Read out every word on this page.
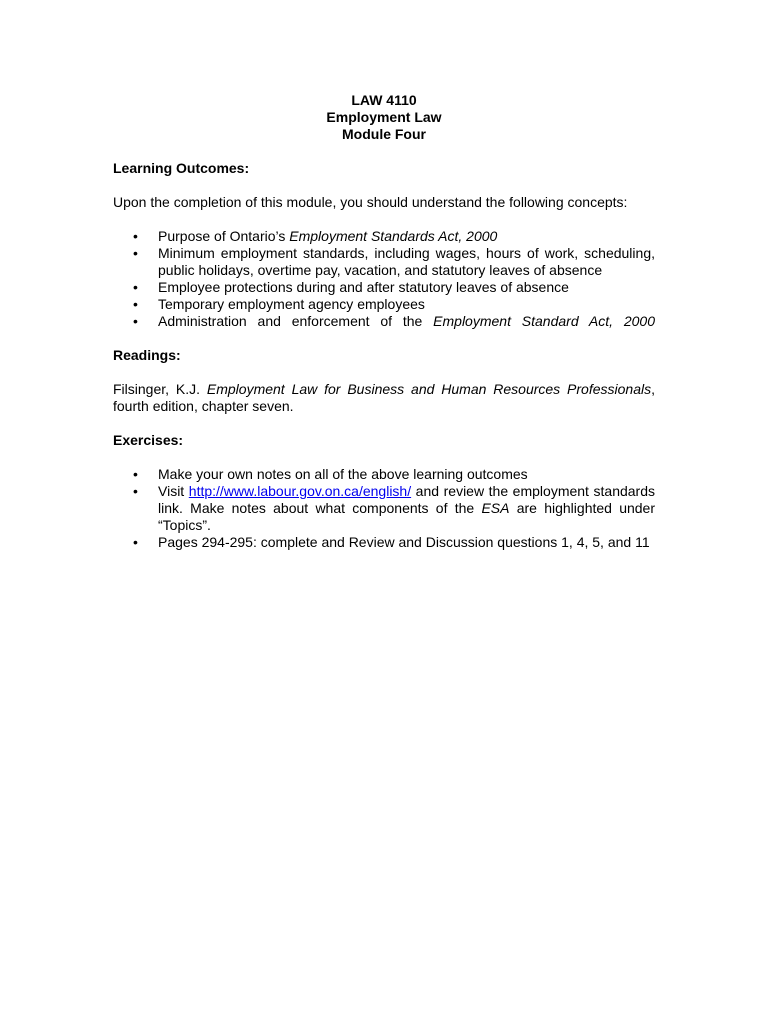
LAW 4110
Employment Law
Module Four
Learning Outcomes:

Upon the completion of this module, you should understand the following concepts:

• Purpose of Ontario’s Employment Standards Act, 2000
• Minimum employment standards, including wages, hours of work, scheduling, public holidays, overtime pay, vacation, and statutory leaves of absence
• Employee protections during and after statutory leaves of absence
• Temporary employment agency employees
• Administration and enforcement of the Employment Standard Act, 2000
Readings:

Filsinger, K.J. Employment Law for Business and Human Resources Professionals, fourth edition, chapter seven.

Exercises:
• Make your own notes on all of the above learning outcomes
• Visit http://www.labour.gov.on.ca/english/ and review the employment standards link. Make notes about what components of the ESA are highlighted under “Topics”.
• Pages 294-295: complete and Review and Discussion questions 1, 4, 5, and 11
